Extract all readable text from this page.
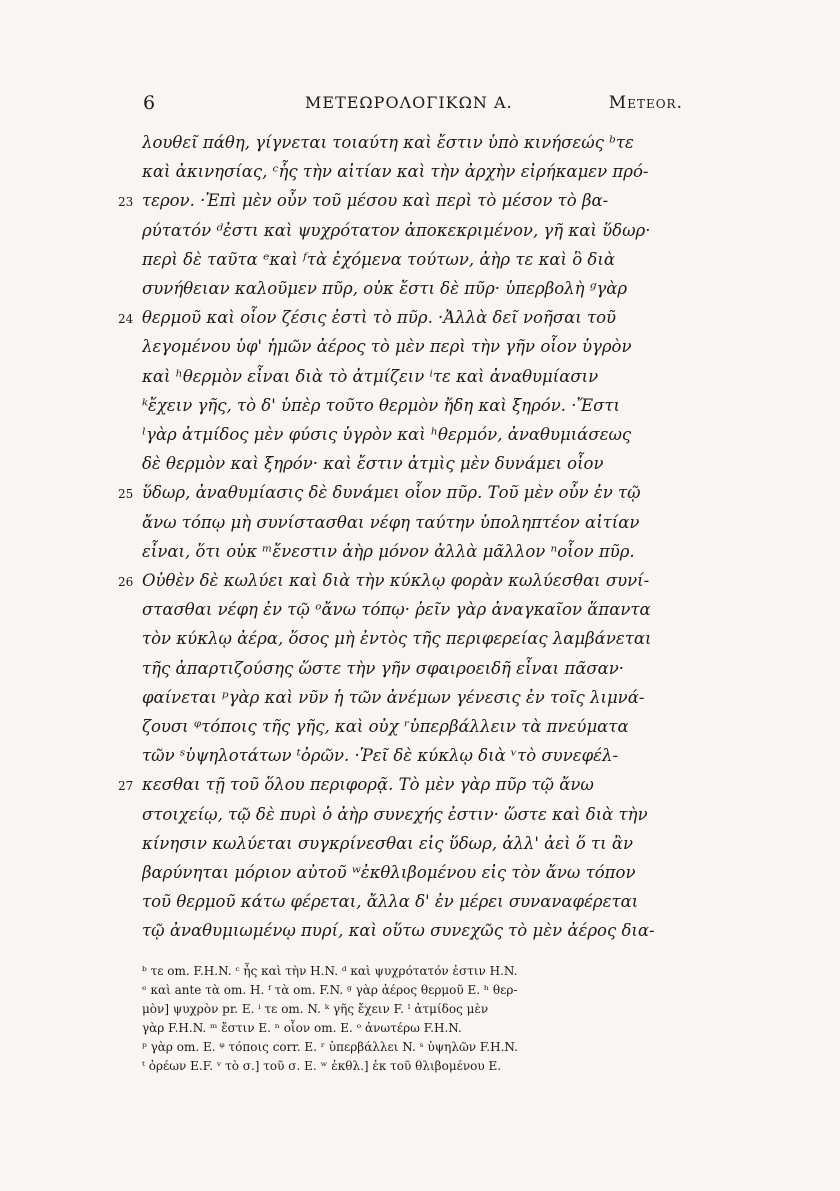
6	ΜΕΤΕΩΡΟΛΟΓΙΚΩΝ Α.	Meteor.
λουθεῖ πάθη, γίγνεται τοιαύτη καὶ ἔστιν ὑπὸ κινήσεώς ᵇτε
καὶ ἀκινησίας, ᶜἧς τὴν αἰτίαν καὶ τὴν ἀρχὴν εἰρήκαμεν πρό-
23 τερον. ·Ἐπὶ μὲν οὖν τοῦ μέσου καὶ περὶ τὸ μέσον τὸ βα-
ρύτατόν ᵈἐστι καὶ ψυχρότατον ἀποκεκριμένον, γῆ καὶ ὕδωρ·
περὶ δὲ ταῦτα ᵉκαὶ ᶠτὰ ἐχόμενα τούτων, ἀὴρ τε καὶ ὃ διὰ
συνήθειαν καλοῦμεν πῦρ, οὐκ ἔστι δὲ πῦρ· ὑπερβολὴ ᵍγὰρ
24 θερμοῦ καὶ οἷον ζέσις ἐστὶ τὸ πῦρ. ·Ἀλλὰ δεῖ νοῆσαι τοῦ
λεγομένου ὑφ' ἡμῶν ἀέρος τὸ μὲν περὶ τὴν γῆν οἷον ὑγρὸν
καὶ ʰθερμὸν εἶναι διὰ τὸ ἀτμίζειν ⁱτε καὶ ἀναθυμίασιν
ᵏἔχειν γῆς, τὸ δ' ὑπὲρ τοῦτο θερμὸν ἤδη καὶ ξηρόν. ·Ἔστι
ˡγὰρ ἀτμίδος μὲν φύσις ὑγρὸν καὶ ʰθερμόν, ἀναθυμιάσεως
δὲ θερμὸν καὶ ξηρόν· καὶ ἔστιν ἀτμὶς μὲν δυνάμει οἷον
25 ὕδωρ, ἀναθυμίασις δὲ δυνάμει οἷον πῦρ. Τοῦ μὲν οὖν ἐν τῷ
ἄνω τόπῳ μὴ συνίστασθαι νέφη ταύτην ὑποληπτέον αἰτίαν
εἶναι, ὅτι οὐκ ᵐἔνεστιν ἀὴρ μόνον ἀλλὰ μᾶλλον ⁿοἷον πῦρ.
26 Οὐθὲν δὲ κωλύει καὶ διὰ τὴν κύκλῳ φορὰν κωλύεσθαι συνί-
στασθαι νέφη ἐν τῷ ᵒἄνω τόπῳ· ῥεῖν γὰρ ἀναγκαῖον ἅπαντα
τὸν κύκλῳ ἀέρα, ὅσος μὴ ἐντὸς τῆς περιφερείας λαμβάνεται
τῆς ἀπαρτιζούσης ὥστε τὴν γῆν σφαιροειδῆ εἶναι πᾶσαν·
φαίνεται ᵖγὰρ καὶ νῦν ἡ τῶν ἀνέμων γένεσις ἐν τοῖς λιμνά-
ζουσι ᵠτόποις τῆς γῆς, καὶ οὐχ ʳὑπερβάλλειν τὰ πνεύματα
τῶν ˢὑψηλοτάτων ᵗὀρῶν. ·Ῥεῖ δὲ κύκλῳ διὰ ᵛτὸ συνεφέλ-
27 κεσθαι τῇ τοῦ ὅλου περιφορᾷ. Τὸ μὲν γὰρ πῦρ τῷ ἄνω
στοιχείῳ, τῷ δὲ πυρὶ ὁ ἀὴρ συνεχής ἐστιν· ὥστε καὶ διὰ τὴν
κίνησιν κωλύεται συγκρίνεσθαι εἰς ὕδωρ, ἀλλ' ἀεὶ ὅ τι ἂν
βαρύνηται μόριον αὐτοῦ ʷἐκθλιβομένου εἰς τὸν ἄνω τόπον
τοῦ θερμοῦ κάτω φέρεται, ἄλλα δ' ἐν μέρει συναναφέρεται
τῷ ἀναθυμιωμένῳ πυρί, καὶ οὕτω συνεχῶς τὸ μὲν ἀέρος δια-
ᵇ τε om. F.H.N. ᶜ ἧς καὶ τὴν H.N. ᵈ καὶ ψυχρότατόν ἐστιν H.N.
ᵉ καὶ ante τὰ om. H. ᶠ τὰ om. F.N. ᵍ γὰρ ἀέρος θερμοῦ E. ʰ θερ-
μὸν] ψυχρὸν pr. E. ⁱ τε om. N. ᵏ γῆς ἔχειν F. ˡ ἀτμίδος μὲν
γὰρ F.H.N. ᵐ ἔστιν E. ⁿ οἷον om. E. ᵒ ἀνωτέρω F.H.N.
ᵖ γὰρ om. E. ᵠ τόποις corr. E. ʳ ὑπερβάλλει N. ˢ ὑψηλῶν F.H.N.
ᵗ ὀρέων E.F. ᵛ τὸ σ.] τοῦ σ. E. ʷ ἐκθλ.] ἐκ τοῦ θλιβομένου E.
